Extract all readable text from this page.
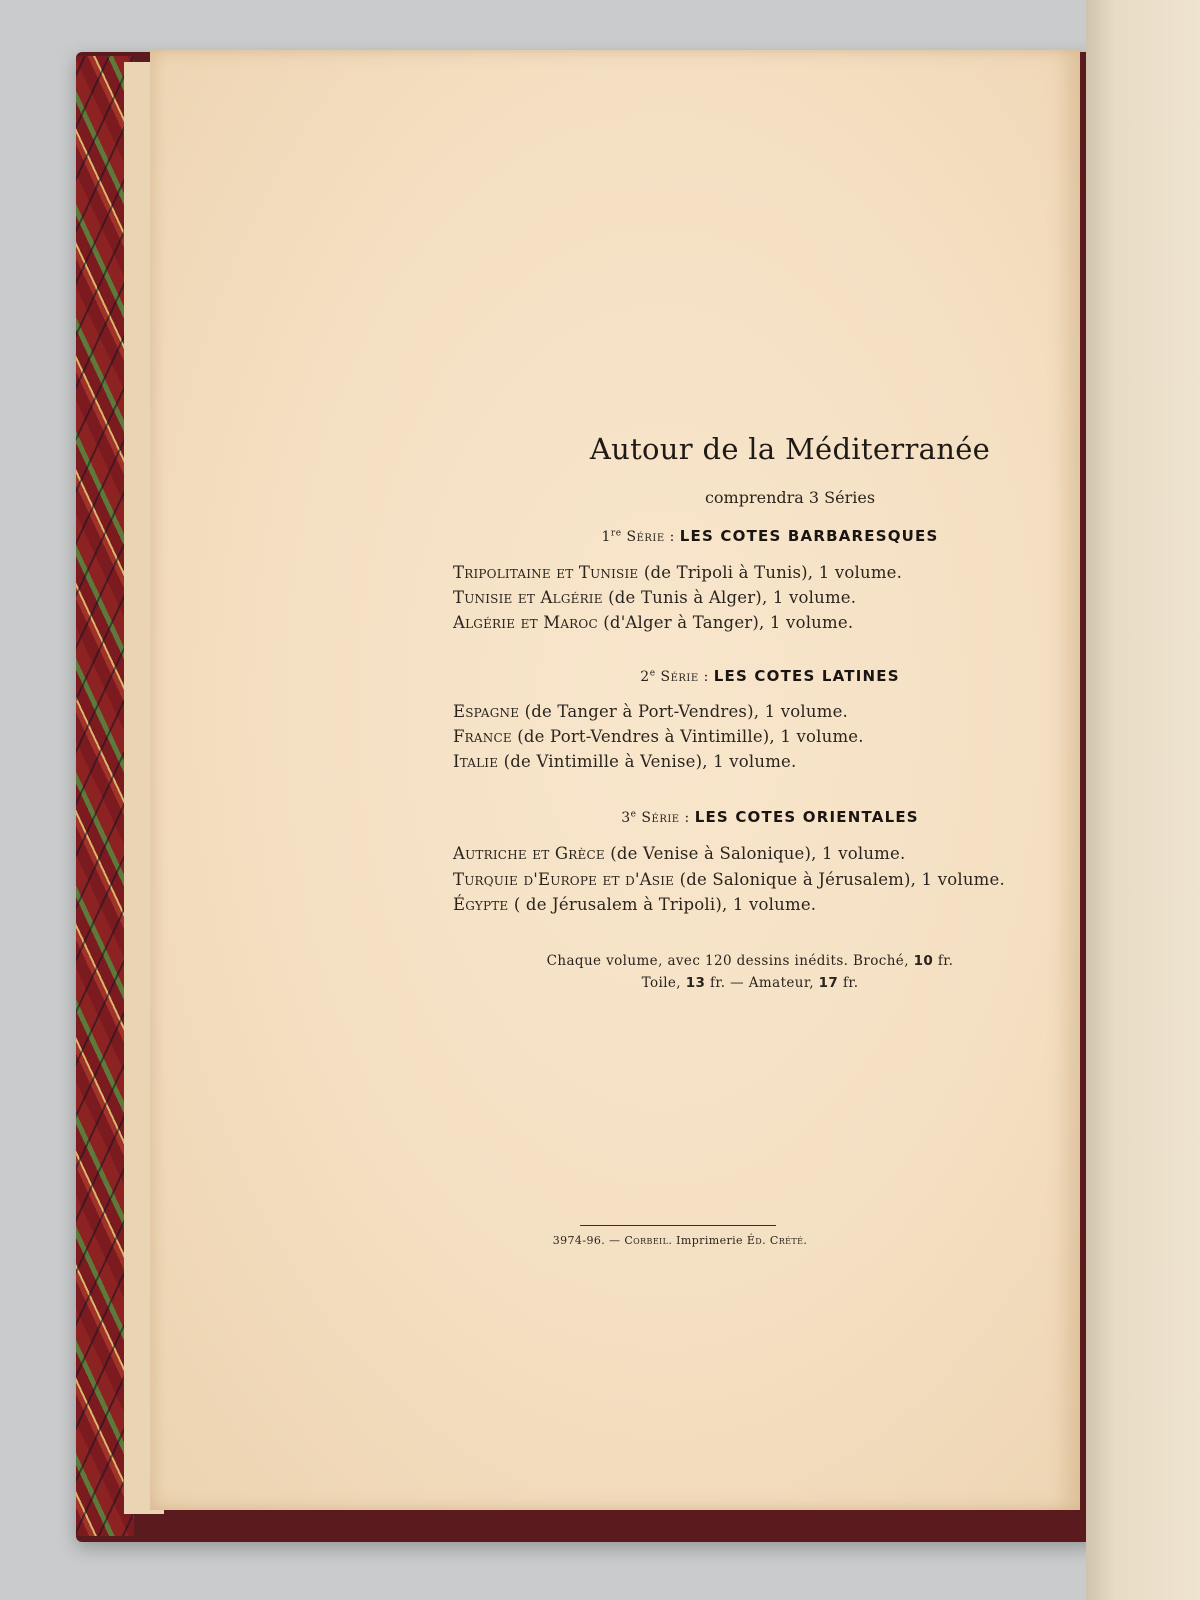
Autour de la Méditerranée
comprendra 3 Séries
1re Série : LES COTES BARBARESQUES
Tripolitaine et Tunisie (de Tripoli à Tunis), 1 volume.
Tunisie et Algérie (de Tunis à Alger), 1 volume.
Algérie et Maroc (d'Alger à Tanger), 1 volume.
2e Série : LES COTES LATINES
Espagne (de Tanger à Port-Vendres), 1 volume.
France (de Port-Vendres à Vintimille), 1 volume.
Italie (de Vintimille à Venise), 1 volume.
3e Série : LES COTES ORIENTALES
Autriche et Grèce (de Venise à Salonique), 1 volume.
Turquie d'Europe et d'Asie (de Salonique à Jérusalem), 1 volume.
Égypte ( de Jérusalem à Tripoli), 1 volume.
Chaque volume, avec 120 dessins inédits. Broché, 10 fr.
Toile, 13 fr. — Amateur, 17 fr.
3974-96. — Corbeil. Imprimerie Éd. Crété.
